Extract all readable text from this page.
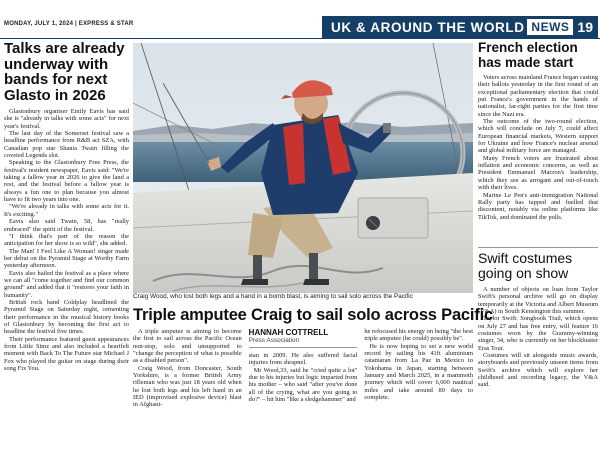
MONDAY, JULY 1, 2024 | EXPRESS & STAR	UK & AROUND THE WORLD NEWS 19
Talks are already underway with bands for next Glasto in 2026

Glastonbury organiser Emily Eavis has said she is "already in talks with some acts" for next year's festival.

The last day of the Somerset festival saw a headline performance from R&B act SZA, with Canadian pop star Shania Twain filling the coveted Legends slot.

Speaking to the Glastonbury Free Press, the festival's resident newspaper, Eavis said: "We're taking a fallow year in 2026 to give the land a rest, and the festival before a fallow year is always a fun one to plan because you almost have to fit two years into one.

"We're already in talks with some acts for it. It's exciting."

Eavis also said Twain, 58, has "really embraced" the spirit of the festival.

"I think that's part of the reason the anticipation for her show is so wild", she added.

The Man! I Feel Like A Woman! singer made her debut on the Pyramid Stage at Worthy Farm yesterday afternoon.

Eavis also hailed the festival as a place where we can all "come together and find our common ground" and added that it "restores your faith in humanity".

British rock band Coldplay headlined the Pyramid Stage on Saturday night, cementing their performance in the musical history books of Glastonbury by becoming the first act to headline the festival five times.

Their performance featured guest appearances from Little Simz and also included a heartfelt moment with Back To The Future star Michael J Fox who played the guitar on stage during their song Fix You.

Craig Wood, who lost both legs and a hand in a bomb blast, is aiming to sail solo across the Pacific
Triple amputee Craig to sail solo across Pacific

A triple amputee is aiming to become the first to sail across the Pacific Ocean non-stop, solo and unsupported to "change the perception of what is possible as a disabled person".

Craig Wood, from Doncaster, South Yorkshire, is a former British Army rifleman who was just 18 years old when he lost both legs and his left hand in an IED (improvised explosive device) blast in Afghani-

HANNAH COTTRELL
Press Association

stan in 2009. He also suffered facial injuries from shrapnel.

Mr Wood,33, said he "cried quite a lot" due to his injuries but logic imparted from his mother – who said "after you've done all of the crying, what are you going to do?" – hit him "like a sledgehammer" and

he refocused his energy on being "the best triple amputee (he could) possibly be".

He is now hoping to set a new world record by sailing his 41ft aluminium catamaran from La Paz in Mexico to Yokohama in Japan, starting between January and March 2025, in a mammoth journey which will cover 6,000 nautical miles and take around 80 days to complete.

French election has made start

Voters across mainland France began casting their ballots yesterday in the first round of an exceptional parliamentary election that could put France's government in the hands of nationalist, far-right parties for the first time since the Nazi era.

The outcome of the two-round election, which will conclude on July 7, could affect European financial markets, Western support for Ukraine and how France's nuclear arsenal and global military force are managed.

Many French voters are frustrated about inflation and economic concerns, as well as President Emmanuel Macron's leadership, which they see as arrogant and out-of-touch with their lives.

Marine Le Pen's anti-immigration National Rally party has tapped and fuelled that discontent, notably via online platforms like TikTok, and dominated the polls.

Swift costumes going on show

A number of objects on loan from Taylor Swift's personal archive will go on display temporarily at the Victoria and Albert Museum (V&A) in South Kensington this summer.

Taylor Swift: Songbook Trail, which opens on July 27 and has free entry, will feature 16 costumes worn by the Grammy-winning singer, 34, who is currently on her blockbuster Eras Tour.

Costumes will sit alongside music awards, storyboards and previously unseen items from Swift's archive which will explore her childhood and recording legacy, the V&A said.
